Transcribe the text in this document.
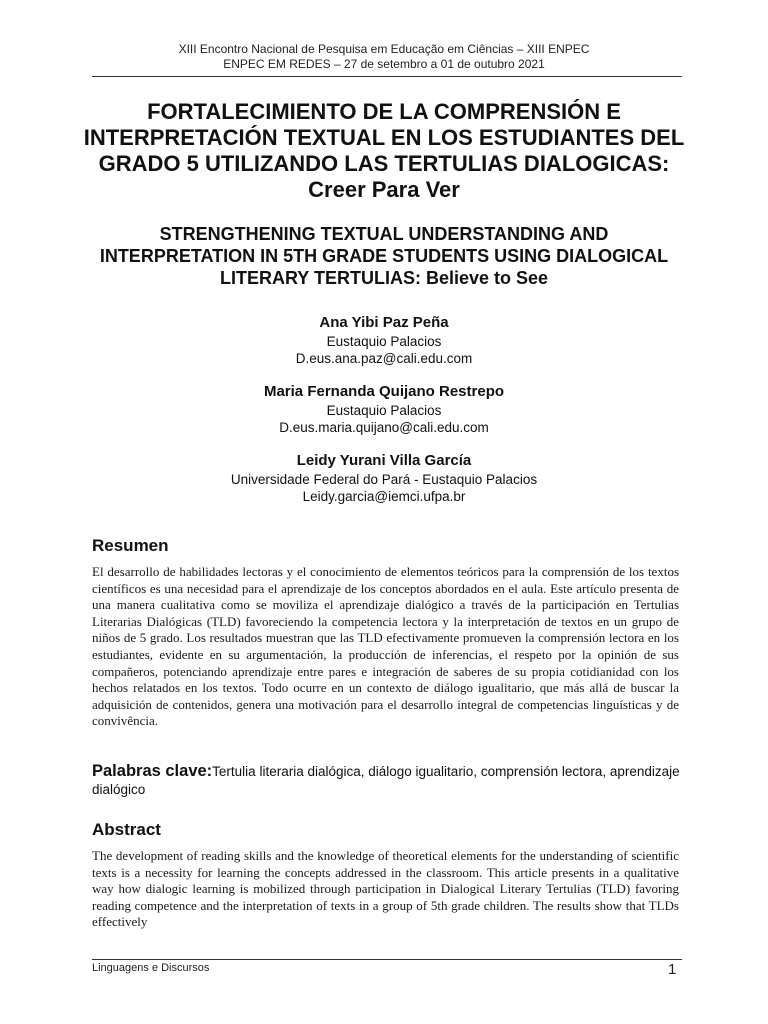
XIII Encontro Nacional de Pesquisa em Educação em Ciências – XIII ENPEC
ENPEC EM REDES – 27 de setembro a 01 de outubro 2021
FORTALECIMIENTO DE LA COMPRENSIÓN E INTERPRETACIÓN TEXTUAL EN LOS ESTUDIANTES DEL GRADO 5 UTILIZANDO LAS TERTULIAS DIALOGICAS: Creer Para Ver
STRENGTHENING TEXTUAL UNDERSTANDING AND INTERPRETATION IN 5TH GRADE STUDENTS USING DIALOGICAL LITERARY TERTULIAS: Believe to See
Ana Yibi Paz Peña
Eustaquio Palacios
D.eus.ana.paz@cali.edu.com
Maria Fernanda Quijano Restrepo
Eustaquio Palacios
D.eus.maria.quijano@cali.edu.com
Leidy Yurani Villa García
Universidade Federal do Pará - Eustaquio Palacios
Leidy.garcia@iemci.ufpa.br
Resumen

El desarrollo de habilidades lectoras y el conocimiento de elementos teóricos para la comprensión de los textos científicos es una necesidad para el aprendizaje de los conceptos abordados en el aula. Este artículo presenta de una manera cualitativa como se moviliza el aprendizaje dialógico a través de la participación en Tertulias Literarias Dialógicas (TLD) favoreciendo la competencia lectora y la interpretación de textos en un grupo de niños de 5 grado. Los resultados muestran que las TLD efectivamente promueven la comprensión lectora en los estudiantes, evidente en su argumentación, la producción de inferencias, el respeto por la opinión de sus compañeros, potenciando aprendizaje entre pares e integración de saberes de su propia cotidianidad con los hechos relatados en los textos. Todo ocurre en un contexto de diálogo igualitario, que más allá de buscar la adquisición de contenidos, genera una motivación para el desarrollo integral de competencias linguísticas y de convivência.

Palabras clave:Tertulia literaria dialógica, diálogo igualitario, comprensión lectora, aprendizaje dialógico

Abstract

The development of reading skills and the knowledge of theoretical elements for the understanding of scientific texts is a necessity for learning the concepts addressed in the classroom. This article presents in a qualitative way how dialogic learning is mobilized through participation in Dialogical Literary Tertulias (TLD) favoring reading competence and the interpretation of texts in a group of 5th grade children. The results show that TLDs effectively

Linguagens e Discursos	1
